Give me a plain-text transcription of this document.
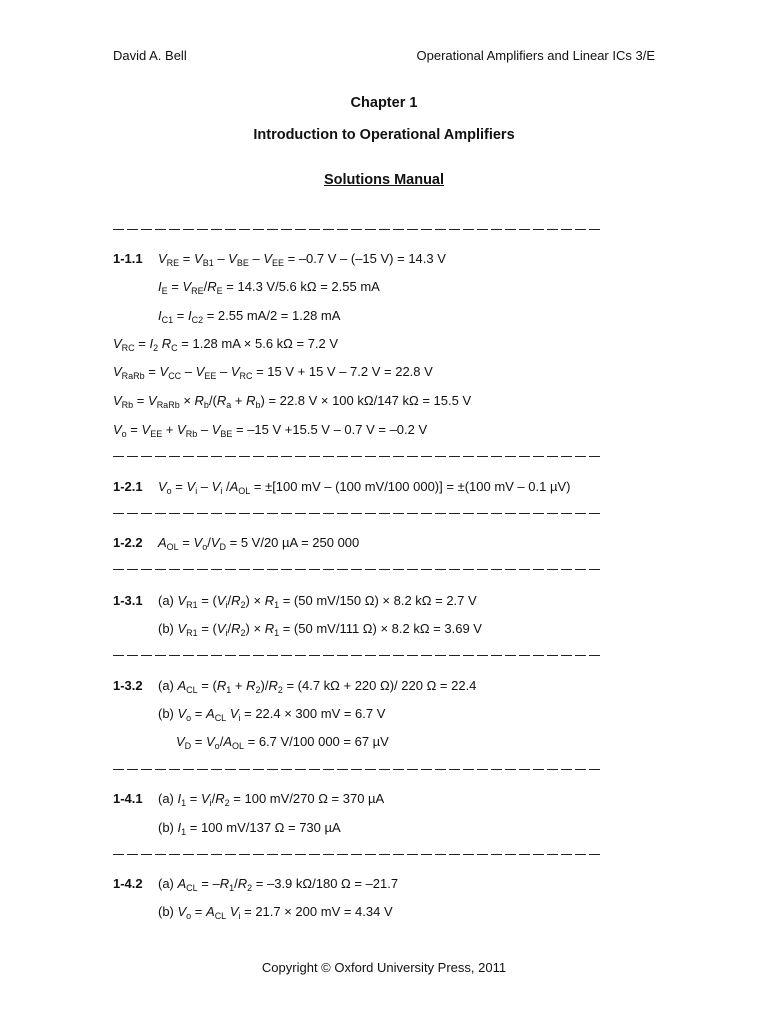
David A. Bell	Operational Amplifiers and Linear ICs 3/E
Chapter 1
Introduction to Operational Amplifiers
Solutions Manual
1-1.1 $V_{RE} = V_{B1} - V_{BE} - V_{EE} = -0.7$ V – (–15 V) = 14.3 V
$I_E = V_{RE}/R_E = 14.3$ V/5.6 kΩ = 2.55 mA
$I_{C1} = I_{C2} = 2.55$ mA/2 = 1.28 mA
$V_{RC} = I_2$ $R_C = 1.28$ mA × 5.6 kΩ = 7.2 V
$V_{RaRb} = V_{CC} - V_{EE} - V_{RC} = 15$ V + 15 V – 7.2 V = 22.8 V
$V_{Rb} = V_{RaRb} \times R_b/(R_a + R_b) = 22.8$ V × 100 kΩ/147 kΩ = 15.5 V
$V_o = V_{EE} + V_{Rb} - V_{BE} = -15$ V +15.5 V – 0.7 V = –0.2 V
1-2.1 $V_o = V_i - V_i$ $/A_{OL} = \pm[100$ mV – (100 mV/100 000)] = ±(100 mV – 0.1 µV)
1-2.2 $A_{OL} = V_o/V_D = 5$ V/20 µA = 250 000
1-3.1 (a) $V_{R1} = (V_i/R_2) \times R_1 = (50$ mV/150 Ω) × 8.2 kΩ = 2.7 V
(b) $V_{R1} = (V_i/R_2) \times R_1 = (50$ mV/111 Ω) × 8.2 kΩ = 3.69 V
1-3.2 (a) $A_{CL} = (R_1 + R_2)/R_2 = (4.7$ kΩ + 220 Ω)/ 220 Ω = 22.4
(b) $V_o = A_{CL}$ $V_i = 22.4 \times 300$ mV = 6.7 V
$V_D = V_o/A_{OL} = 6.7$ V/100 000 = 67 µV
1-4.1 (a) $I_1 = V_i/R_2 = 100$ mV/270 Ω = 370 µA
(b) $I_1 = 100$ mV/137 Ω = 730 µA
1-4.2 (a) $A_{CL} = -R_1/R_2 = -3.9$ kΩ/180 Ω = –21.7
(b) $V_o = A_{CL}$ $V_i = 21.7 \times 200$ mV = 4.34 V
Copyright © Oxford University Press, 2011
